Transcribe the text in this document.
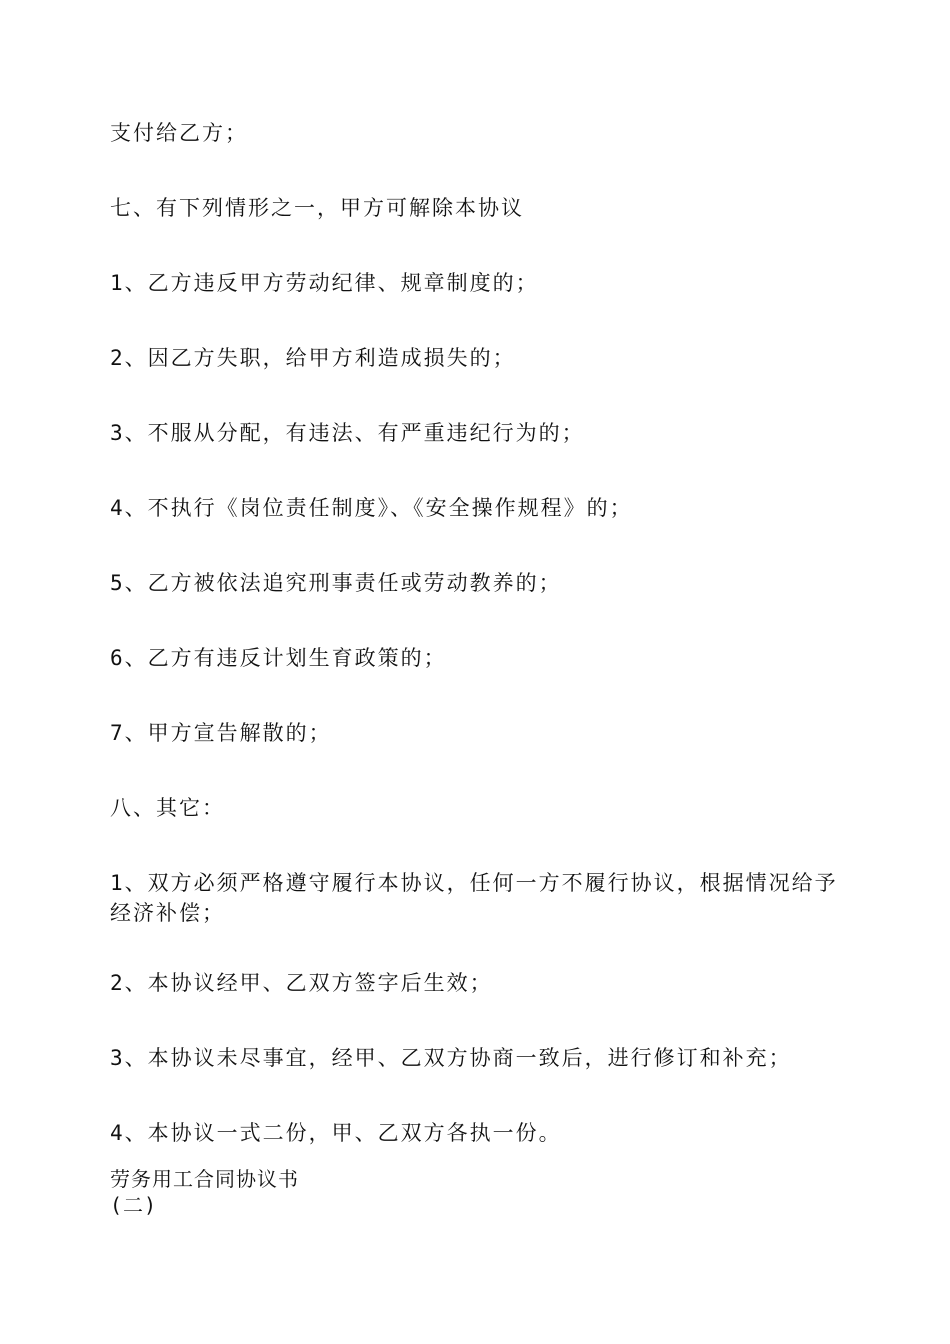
支付给乙方；
七、有下列情形之一，甲方可解除本协议
1、乙方违反甲方劳动纪律、规章制度的；
2、因乙方失职，给甲方利造成损失的；
3、不服从分配，有违法、有严重违纪行为的；
4、不执行《岗位责任制度》、《安全操作规程》的；
5、乙方被依法追究刑事责任或劳动教养的；
6、乙方有违反计划生育政策的；
7、甲方宣告解散的；
八、其它：
1、双方必须严格遵守履行本协议，任何一方不履行协议，根据情况给予经济补偿；
2、本协议经甲、乙双方签字后生效；
3、本协议未尽事宜，经甲、乙双方协商一致后，进行修订和补充；
4、本协议一式二份，甲、乙双方各执一份。
劳务用工合同协议书
(二)
